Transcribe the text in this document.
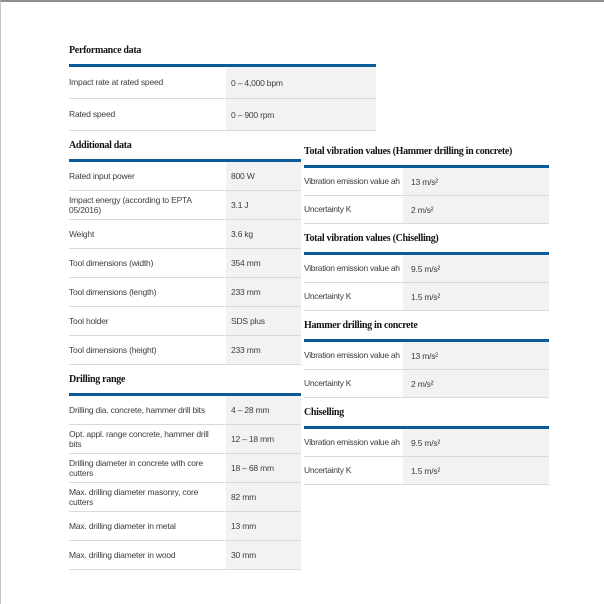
Performance data
Impact rate at rated speed	0 – 4,000 bpm
Rated speed	0 – 900 rpm
Additional data
Rated input power	800 W
Impact energy (according to EPTA 05/2016)	3.1 J
Weight	3.6 kg
Tool dimensions (width)	354 mm
Tool dimensions (length)	233 mm
Tool holder	SDS plus
Tool dimensions (height)	233 mm
Drilling range
Drilling dia. concrete, hammer drill bits	4 – 28 mm
Opt. appl. range concrete, hammer drill bits	12 – 18 mm
Drilling diameter in concrete with core cutters	18 – 68 mm
Max. drilling diameter masonry, core cutters	82 mm
Max. drilling diameter in metal	13 mm
Max. drilling diameter in wood	30 mm
Total vibration values (Hammer drilling in concrete)
Vibration emission value ah	13 m/s²
Uncertainty K	2 m/s²
Total vibration values (Chiselling)
Vibration emission value ah	9.5 m/s²
Uncertainty K	1.5 m/s²
Hammer drilling in concrete
Vibration emission value ah	13 m/s²
Uncertainty K	2 m/s²
Chiselling
Vibration emission value ah	9.5 m/s²
Uncertainty K	1.5 m/s²
